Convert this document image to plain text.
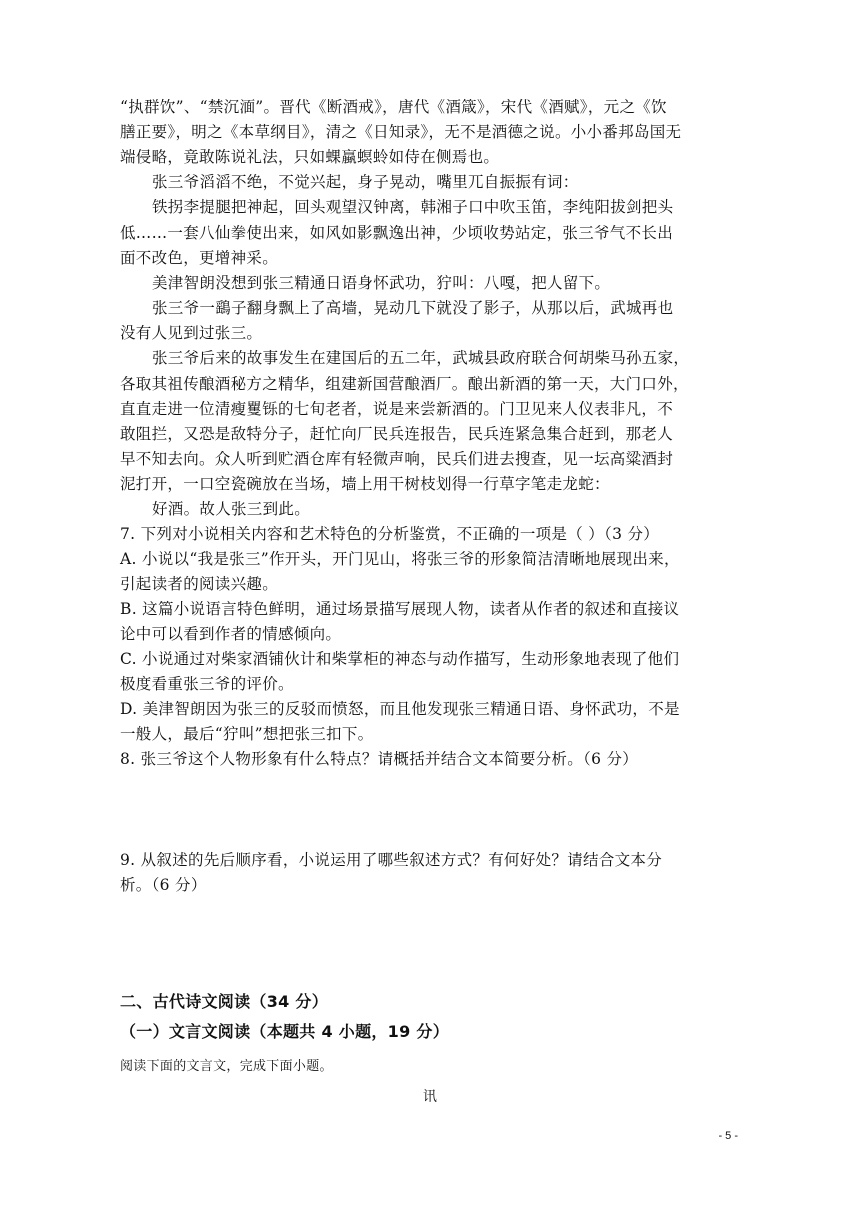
“执群饮”、“禁沉湎”。晋代《断酒戒》，唐代《酒箴》，宋代《酒赋》，元之《饮
膳正要》，明之《本草纲目》，清之《日知录》，无不是酒德之说。小小番邦岛国无
端侵略，竟敢陈说礼法，只如蜾蠃螟蛉如侍在侧焉也。
张三爷滔滔不绝，不觉兴起，身子晃动，嘴里兀自振振有词：
铁拐李提腿把神起，回头观望汉钟离，韩湘子口中吹玉笛，李纯阳拔剑把头
低……一套八仙拳使出来，如风如影飘逸出神，少顷收势站定，张三爷气不长出
面不改色，更增神采。
美津智朗没想到张三精通日语身怀武功，狞叫：八嘎，把人留下。
张三爷一鷂子翻身飘上了高墙，晃动几下就没了影子，从那以后，武城再也
没有人见到过张三。
张三爷后来的故事发生在建国后的五二年，武城县政府联合何胡柴马孙五家，
各取其祖传酿酒秘方之精华，组建新国营酿酒厂。酿出新酒的第一天，大门口外，
直直走进一位清瘦矍铄的七旬老者，说是来尝新酒的。门卫见来人仪表非凡，不
敢阻拦，又恐是敌特分子，赶忙向厂民兵连报告，民兵连紧急集合赶到，那老人
早不知去向。众人听到贮酒仓库有轻微声响，民兵们进去搜查，见一坛高粱酒封
泥打开，一口空瓷碗放在当场，墙上用干树枝划得一行草字笔走龙蛇：
好酒。故人张三到此。
7. 下列对小说相关内容和艺术特色的分析鉴赏，不正确的一项是（ ）（3 分）
A. 小说以“我是张三”作开头，开门见山，将张三爷的形象简洁清晰地展现出来，
引起读者的阅读兴趣。
B. 这篇小说语言特色鲜明，通过场景描写展现人物，读者从作者的叙述和直接议
论中可以看到作者的情感倾向。
C. 小说通过对柴家酒铺伙计和柴掌柜的神态与动作描写，生动形象地表现了他们
极度看重张三爷的评价。
D. 美津智朗因为张三的反驳而愤怒，而且他发现张三精通日语、身怀武功，不是
一般人，最后“狞叫”想把张三扣下。
8. 张三爷这个人物形象有什么特点？请概括并结合文本简要分析。（6 分）
9. 从叙述的先后顺序看，小说运用了哪些叙述方式？有何好处？请结合文本分
析。（6 分）
二、古代诗文阅读（34 分）
（一）文言文阅读（本题共 4 小题，19 分）
阅读下面的文言文，完成下面小题。
讯
- 5 -
